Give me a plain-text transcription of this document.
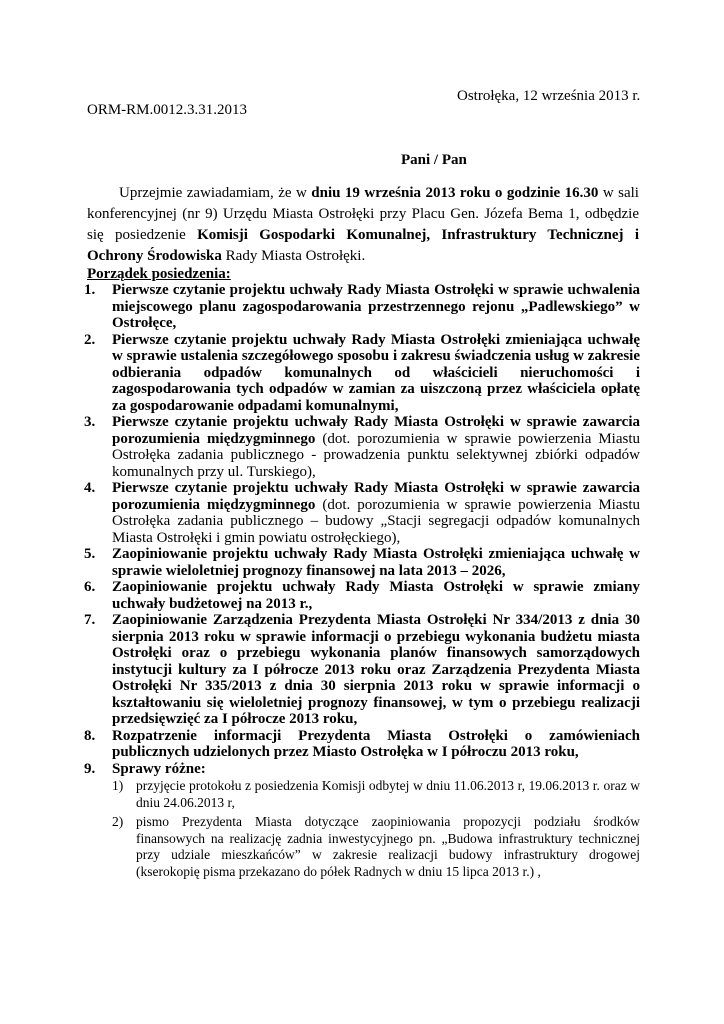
Ostrołęka, 12 września 2013 r.
ORM-RM.0012.3.31.2013
Pani / Pan
Uprzejmie zawiadamiam, że w dniu 19 września 2013 roku o godzinie 16.30 w sali konferencyjnej (nr 9) Urzędu Miasta Ostrołęki przy Placu Gen. Józefa Bema 1, odbędzie się posiedzenie Komisji Gospodarki Komunalnej, Infrastruktury Technicznej i Ochrony Środowiska Rady Miasta Ostrołęki.
Porządek posiedzenia:
1. Pierwsze czytanie projektu uchwały Rady Miasta Ostrołęki w sprawie uchwalenia miejscowego planu zagospodarowania przestrzennego rejonu „Padlewskiego” w Ostrołęce,
2. Pierwsze czytanie projektu uchwały Rady Miasta Ostrołęki zmieniająca uchwałę w sprawie ustalenia szczegółowego sposobu i zakresu świadczenia usług w zakresie odbierania odpadów komunalnych od właścicieli nieruchomości i zagospodarowania tych odpadów w zamian za uiszczoną przez właściciela opłatę za gospodarowanie odpadami komunalnymi,
3. Pierwsze czytanie projektu uchwały Rady Miasta Ostrołęki w sprawie zawarcia porozumienia międzygminnego (dot. porozumienia w sprawie powierzenia Miastu Ostrołęka zadania publicznego - prowadzenia punktu selektywnej zbiórki odpadów komunalnych przy ul. Turskiego),
4. Pierwsze czytanie projektu uchwały Rady Miasta Ostrołęki w sprawie zawarcia porozumienia międzygminnego (dot. porozumienia w sprawie powierzenia Miastu Ostrołęka zadania publicznego – budowy „Stacji segregacji odpadów komunalnych Miasta Ostrołęki i gmin powiatu ostrołęckiego),
5. Zaopiniowanie projektu uchwały Rady Miasta Ostrołęki zmieniająca uchwałę w sprawie wieloletniej prognozy finansowej na lata 2013 – 2026,
6. Zaopiniowanie projektu uchwały Rady Miasta Ostrołęki w sprawie zmiany uchwały budżetowej na 2013 r.,
7. Zaopiniowanie Zarządzenia Prezydenta Miasta Ostrołęki Nr 334/2013 z dnia 30 sierpnia 2013 roku w sprawie informacji o przebiegu wykonania budżetu miasta Ostrołęki oraz o przebiegu wykonania planów finansowych samorządowych instytucji kultury za I półrocze 2013 roku oraz Zarządzenia Prezydenta Miasta Ostrołęki Nr 335/2013 z dnia 30 sierpnia 2013 roku w sprawie informacji o kształtowaniu się wieloletniej prognozy finansowej, w tym o przebiegu realizacji przedsięwzięć za I półrocze 2013 roku,
8. Rozpatrzenie informacji Prezydenta Miasta Ostrołęki o zamówieniach publicznych udzielonych przez Miasto Ostrołęka w I półroczu 2013 roku,
9. Sprawy różne:
1) przyjęcie protokołu z posiedzenia Komisji odbytej w dniu 11.06.2013 r, 19.06.2013 r. oraz w dniu 24.06.2013 r,
2) pismo Prezydenta Miasta dotyczące zaopiniowania propozycji podziału środków finansowych na realizację zadnia inwestycyjnego pn. „Budowa infrastruktury technicznej przy udziale mieszkańców” w zakresie realizacji budowy infrastruktury drogowej (kserokopię pisma przekazano do półek Radnych w dniu 15 lipca 2013 r.) ,
